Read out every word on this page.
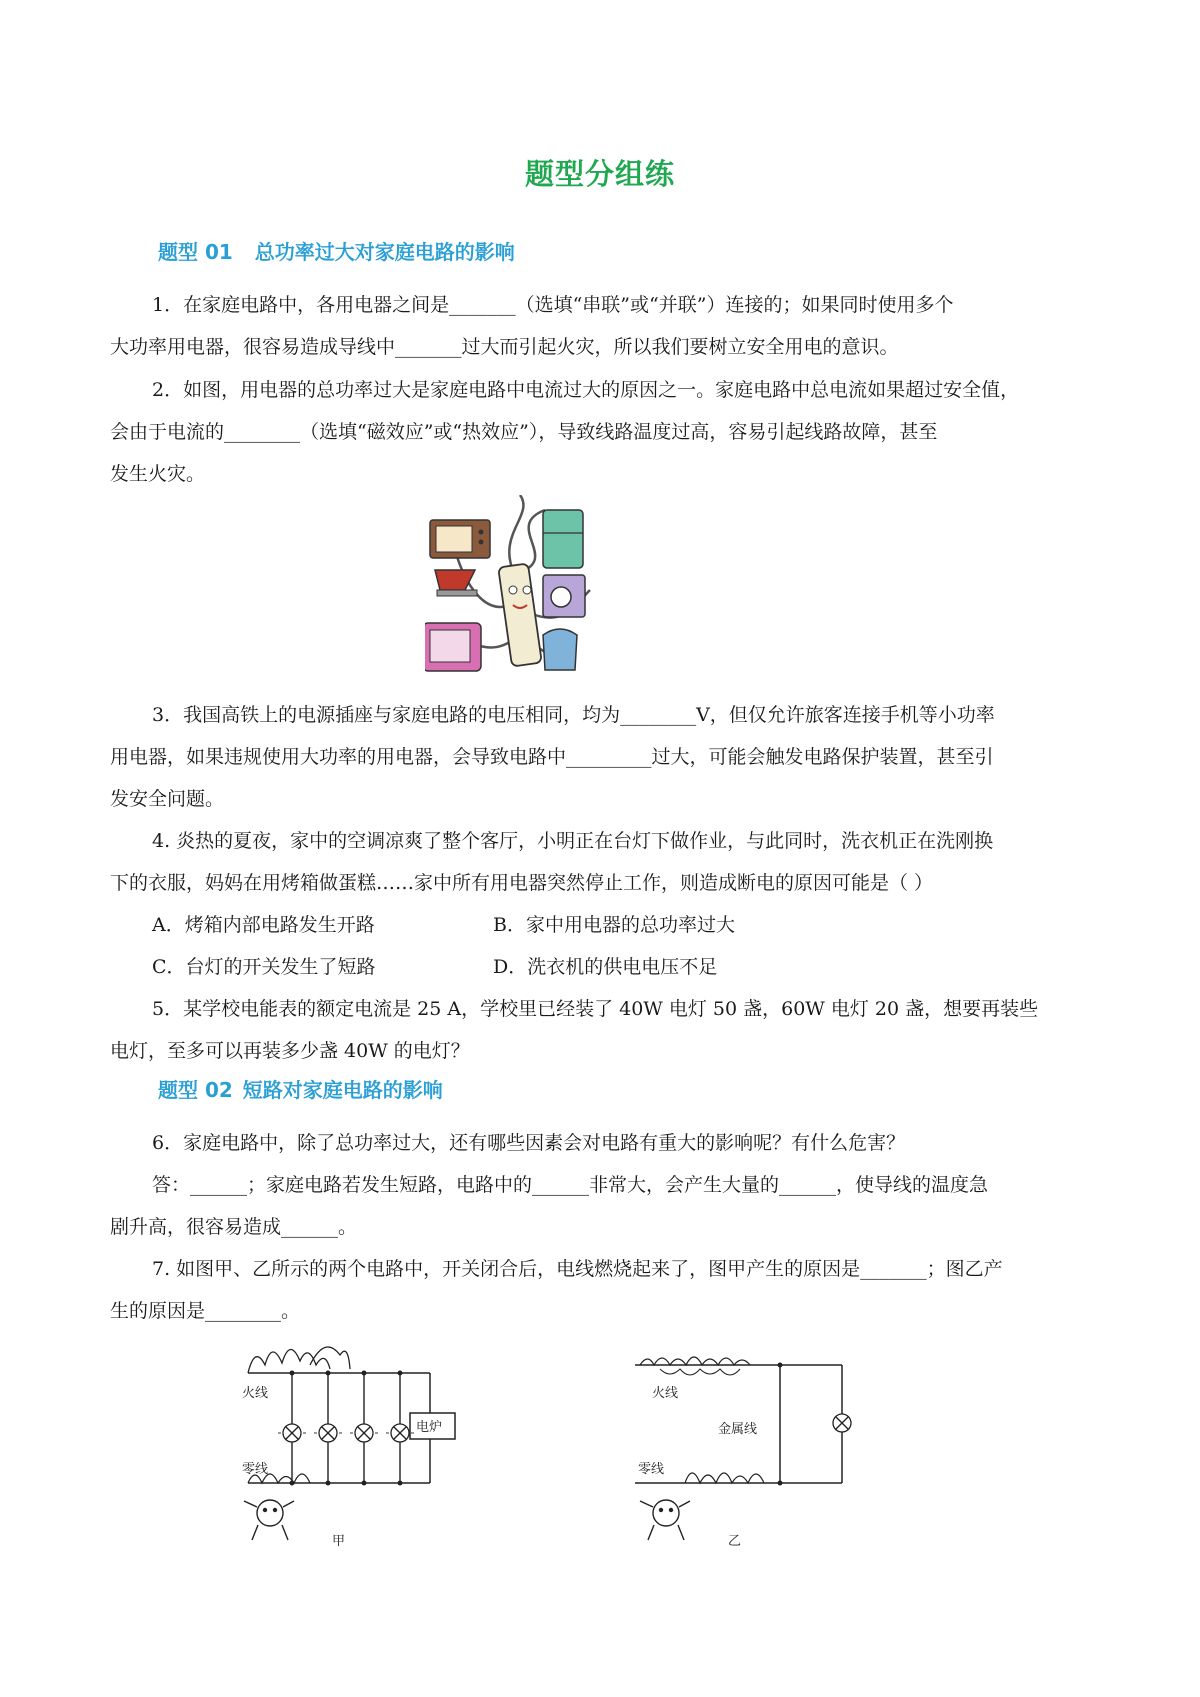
题型分组练
题型 01 总功率过大对家庭电路的影响
1．在家庭电路中，各用电器之间是_______（选填“串联”或“并联”）连接的；如果同时使用多个
大功率用电器，很容易造成导线中_______过大而引起火灾，所以我们要树立安全用电的意识。
2．如图，用电器的总功率过大是家庭电路中电流过大的原因之一。家庭电路中总电流如果超过安全值，
会由于电流的________（选填“磁效应”或“热效应”），导致线路温度过高，容易引起线路故障，甚至
发生火灾。
3．我国高铁上的电源插座与家庭电路的电压相同，均为________V，但仅允许旅客连接手机等小功率
用电器，如果违规使用大功率的用电器，会导致电路中_________过大，可能会触发电路保护装置，甚至引
发安全问题。
4. 炎热的夏夜，家中的空调凉爽了整个客厅，小明正在台灯下做作业，与此同时，洗衣机正在洗刚换
下的衣服，妈妈在用烤箱做蛋糕……家中所有用电器突然停止工作，则造成断电的原因可能是（ ）
A．烤箱内部电路发生开路	B．家中用电器的总功率过大
C．台灯的开关发生了短路	D．洗衣机的供电电压不足
5．某学校电能表的额定电流是 25 A，学校里已经装了 40W 电灯 50 盏，60W 电灯 20 盏，想要再装些
电灯，至多可以再装多少盏 40W 的电灯？
题型 02 短路对家庭电路的影响
6．家庭电路中，除了总功率过大，还有哪些因素会对电路有重大的影响呢？有什么危害？
答：______；家庭电路若发生短路，电路中的______非常大，会产生大量的______，使导线的温度急
剧升高，很容易造成______。
7. 如图甲、乙所示的两个电路中，开关闭合后，电线燃烧起来了，图甲产生的原因是_______；图乙产
生的原因是________。
电炉
火线
零线
甲
火线
金属线
零线
乙
